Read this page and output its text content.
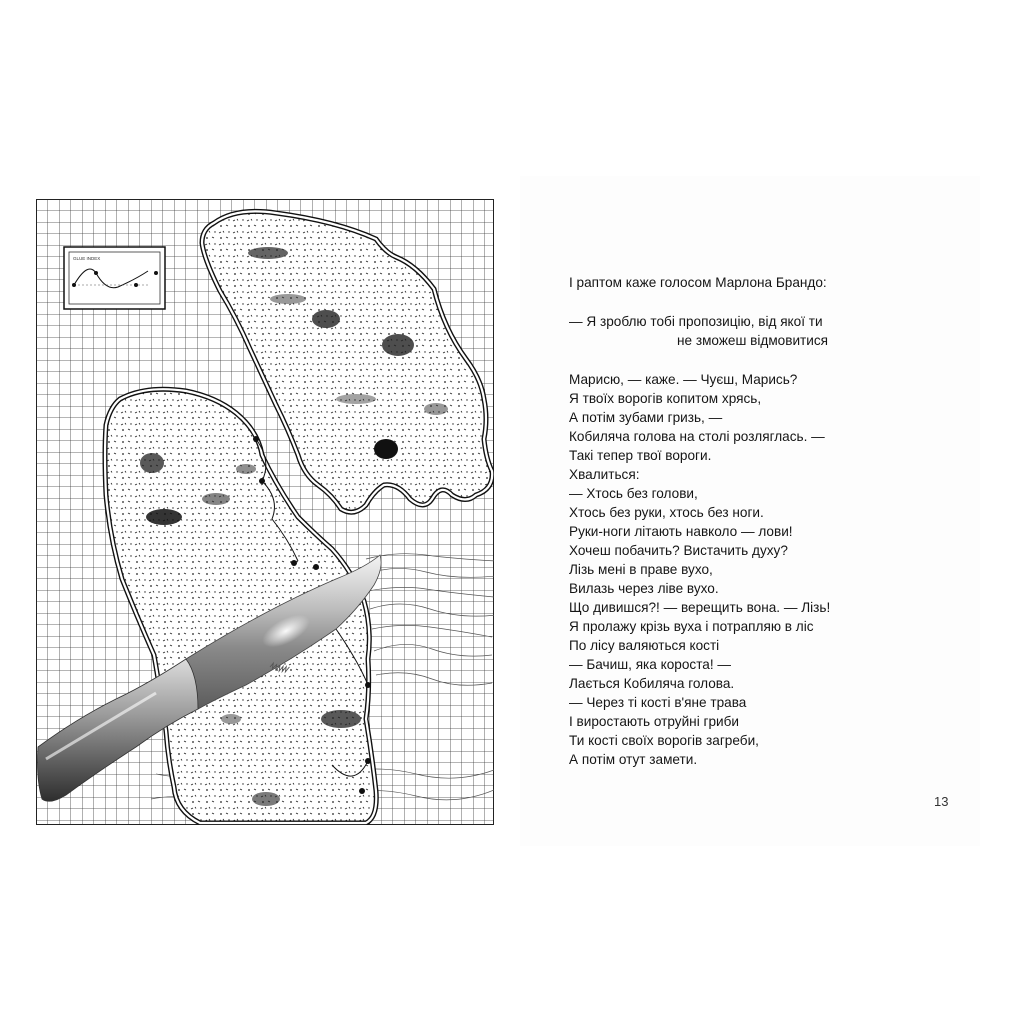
GLUE INDEX
І раптом каже голосом Марлона Брандо:
— Я зроблю тобі пропозицію, від якої ти
не зможеш відмовитися
Марисю, — каже. — Чуєш, Марись?
Я твоїх ворогів копитом хрясь,
А потім зубами гризь, —
Кобиляча голова на столі розляглась. —
Такі тепер твої вороги.
Хвалиться:
— Хтось без голови,
Хтось без руки, хтось без ноги.
Руки-ноги літають навколо — лови!
Хочеш побачить? Вистачить духу?
Лізь мені в праве вухо,
Вилазь через ліве вухо.
Що дивишся?! — верещить вона. — Лізь!
Я пролажу крізь вуха і потрапляю в ліс
По лісу валяються кості
— Бачиш, яка короста! —
Лається Кобиляча голова.
— Через ті кості в'яне трава
І виростають отруйні гриби
Ти кості своїх ворогів загреби,
А потім отут замети.
13
